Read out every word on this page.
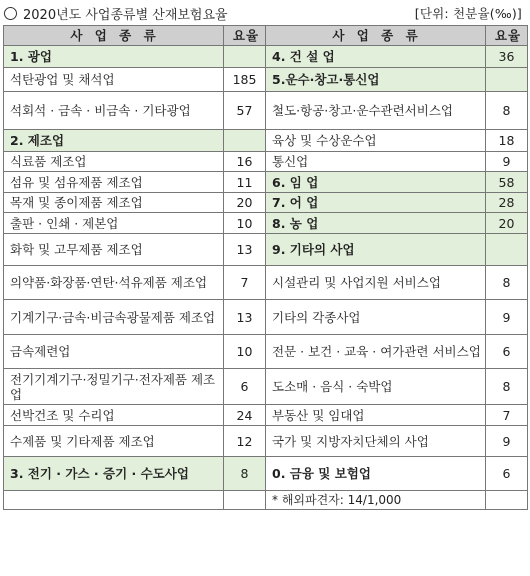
2020년도 사업종류별 산재보험요율	[단위: 천분율(‰)]
사 업 종 류	요율	사 업 종 류	요율
1. 광업		4. 건 설 업	36
석탄광업 및 채석업	185	5.운수·창고·통신업	
석회석 · 금속 · 비금속 · 기타광업	57	철도·항공·창고·운수관련서비스업	8
2. 제조업		육상 및 수상운수업	18
식료품 제조업	16	통신업	9
섬유 및 섬유제품 제조업	11	6. 임 업	58
목재 및 종이제품 제조업	20	7. 어 업	28
출판 · 인쇄 · 제본업	10	8. 농 업	20
화학 및 고무제품 제조업	13	9. 기타의 사업	
의약품·화장품·연탄·석유제품 제조업	7	시설관리 및 사업지원 서비스업	8
기계기구·금속·비금속광물제품 제조업	13	기타의 각종사업	9
금속제련업	10	전문 · 보건 · 교육 · 여가관련 서비스업	6
전기기계기구·정밀기구·전자제품 제조업	6	도소매 · 음식 · 숙박업	8
선박건조 및 수리업	24	부동산 및 임대업	7
수제품 및 기타제품 제조업	12	국가 및 지방자치단체의 사업	9
3. 전기 · 가스 · 증기 · 수도사업	8	0. 금융 및 보험업	6
		* 해외파견자: 14/1,000	
